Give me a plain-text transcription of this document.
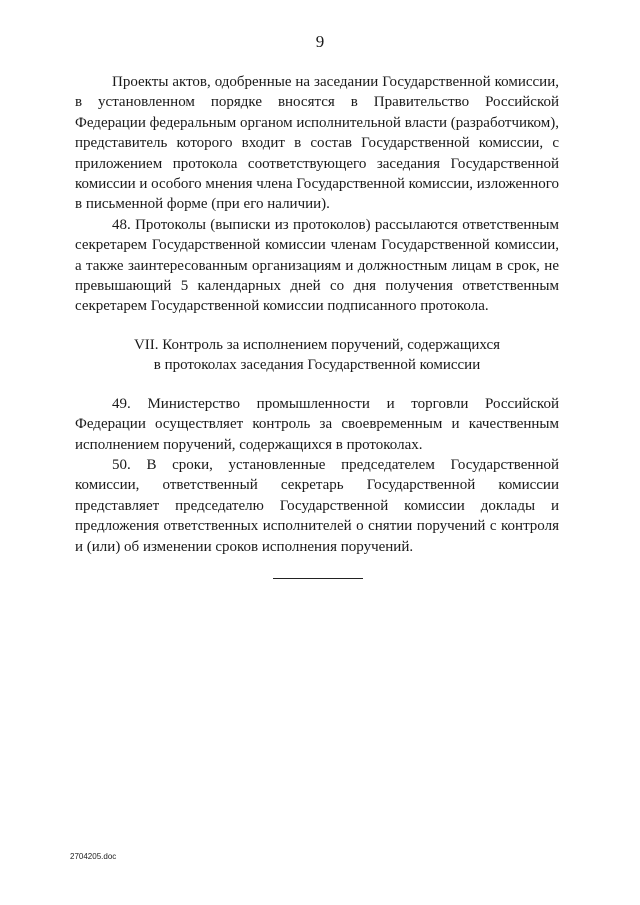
9

Проекты актов, одобренные на заседании Государственной комиссии, в установленном порядке вносятся в Правительство Российской Федерации федеральным органом исполнительной власти (разработчиком), представитель которого входит в состав Государственной комиссии, с приложением протокола соответствующего заседания Государственной комиссии и особого мнения члена Государственной комиссии, изложенного в письменной форме (при его наличии).

48. Протоколы (выписки из протоколов) рассылаются ответственным секретарем Государственной комиссии членам Государственной комиссии, а также заинтересованным организациям и должностным лицам в срок, не превышающий 5 календарных дней со дня получения ответственным секретарем Государственной комиссии подписанного протокола.

VII. Контроль за исполнением поручений, содержащихся
в протоколах заседания Государственной комиссии

49. Министерство промышленности и торговли Российской Федерации осуществляет контроль за своевременным и качественным исполнением поручений, содержащихся в протоколах.

50. В сроки, установленные председателем Государственной комиссии, ответственный секретарь Государственной комиссии представляет председателю Государственной комиссии доклады и предложения ответственных исполнителей о снятии поручений с контроля и (или) об изменении сроков исполнения поручений.

2704205.doc
